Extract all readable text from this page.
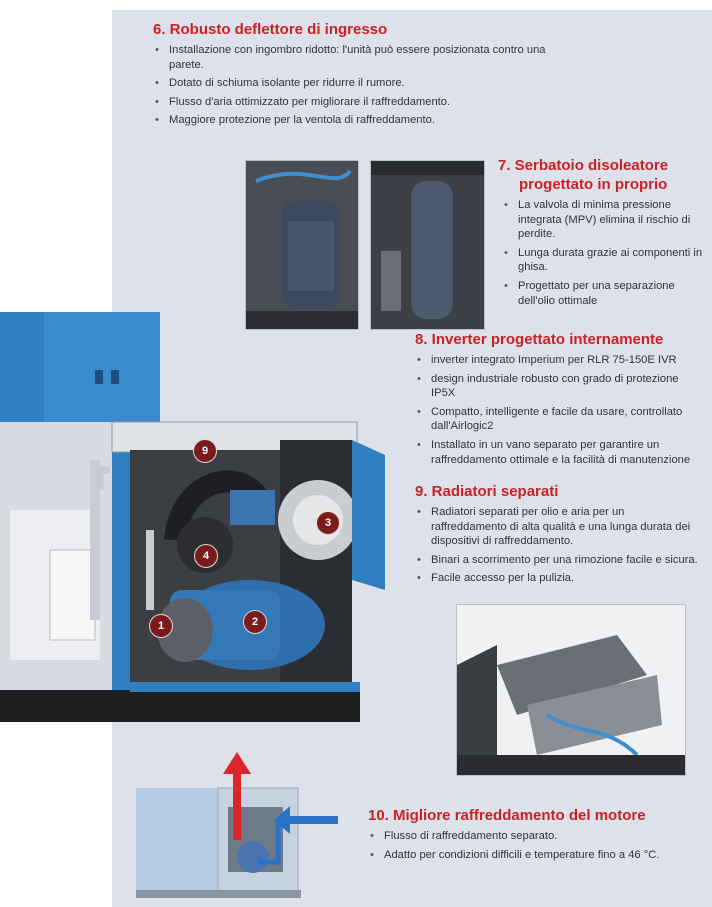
1	2
3
4
9
6. Robusto deflettore di ingresso
• Installazione con ingombro ridotto: l'unità può essere posizionata contro una parete.
• Dotato di schiuma isolante per ridurre il rumore.
• Flusso d'aria ottimizzato per migliorare il raffreddamento.
• Maggiore protezione per la ventola di raffreddamento.
7. Serbatoio disoleatore
progettato in proprio
• La valvola di minima pressione integrata (MPV) elimina il rischio di perdite.
• Lunga durata grazie ai componenti in ghisa.
• Progettato per una separazione dell'olio ottimale
8. Inverter progettato internamente
• inverter integrato Imperium per RLR 75-150E IVR
• design industriale robusto con grado di protezione IP5X
• Compatto, intelligente e facile da usare, controllato dall'Airlogic2
• Installato in un vano separato per garantire un raffreddamento ottimale e la facilità di manutenzione
9. Radiatori separati
• Radiatori separati per olio e aria per un raffreddamento di alta qualità e una lunga durata dei dispositivi di raffreddamento.
• Binari a scorrimento per una rimozione facile e sicura.
• Facile accesso per la pulizia.
10. Migliore raffreddamento del motore
• Flusso di raffreddamento separato.
• Adatto per condizioni difficili e temperature fino a 46 °C.
